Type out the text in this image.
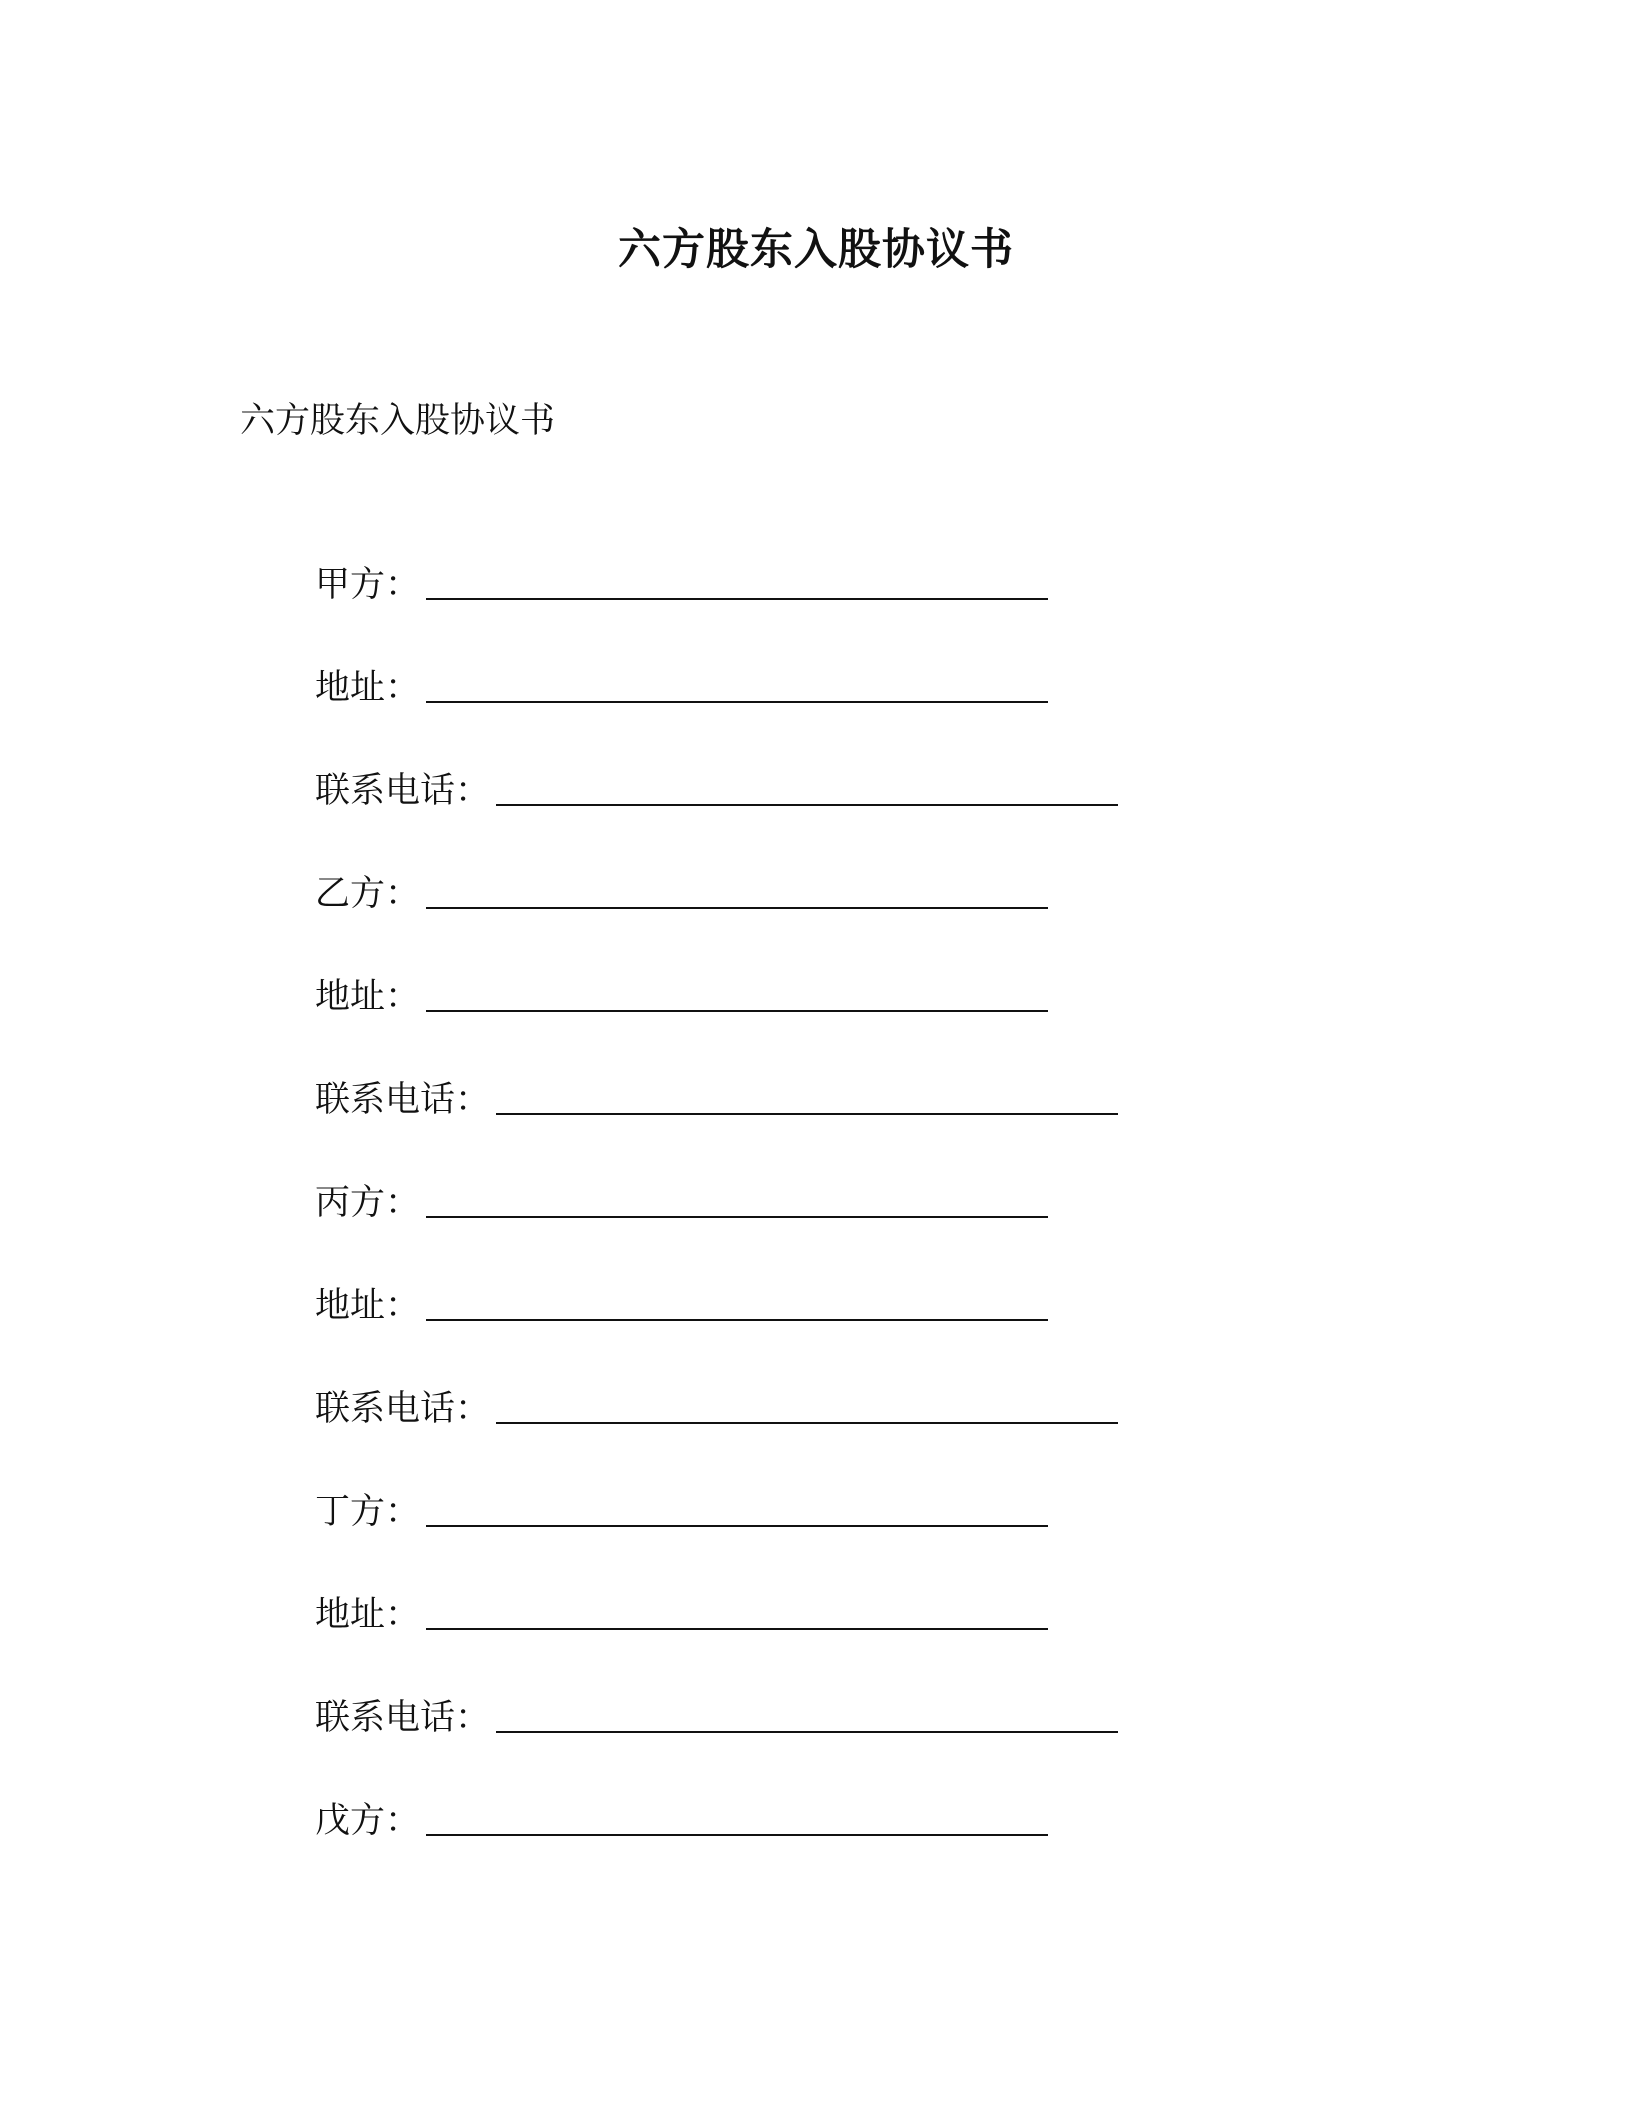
六方股东入股协议书
六方股东入股协议书
甲方 ：
地址 ：
联系电话 ：
乙方 ：
地址 ：
联系电话 ：
丙方 ：
地址 ：
联系电话 ：
丁方 ：
地址 ：
联系电话 ：
戊方 ：
